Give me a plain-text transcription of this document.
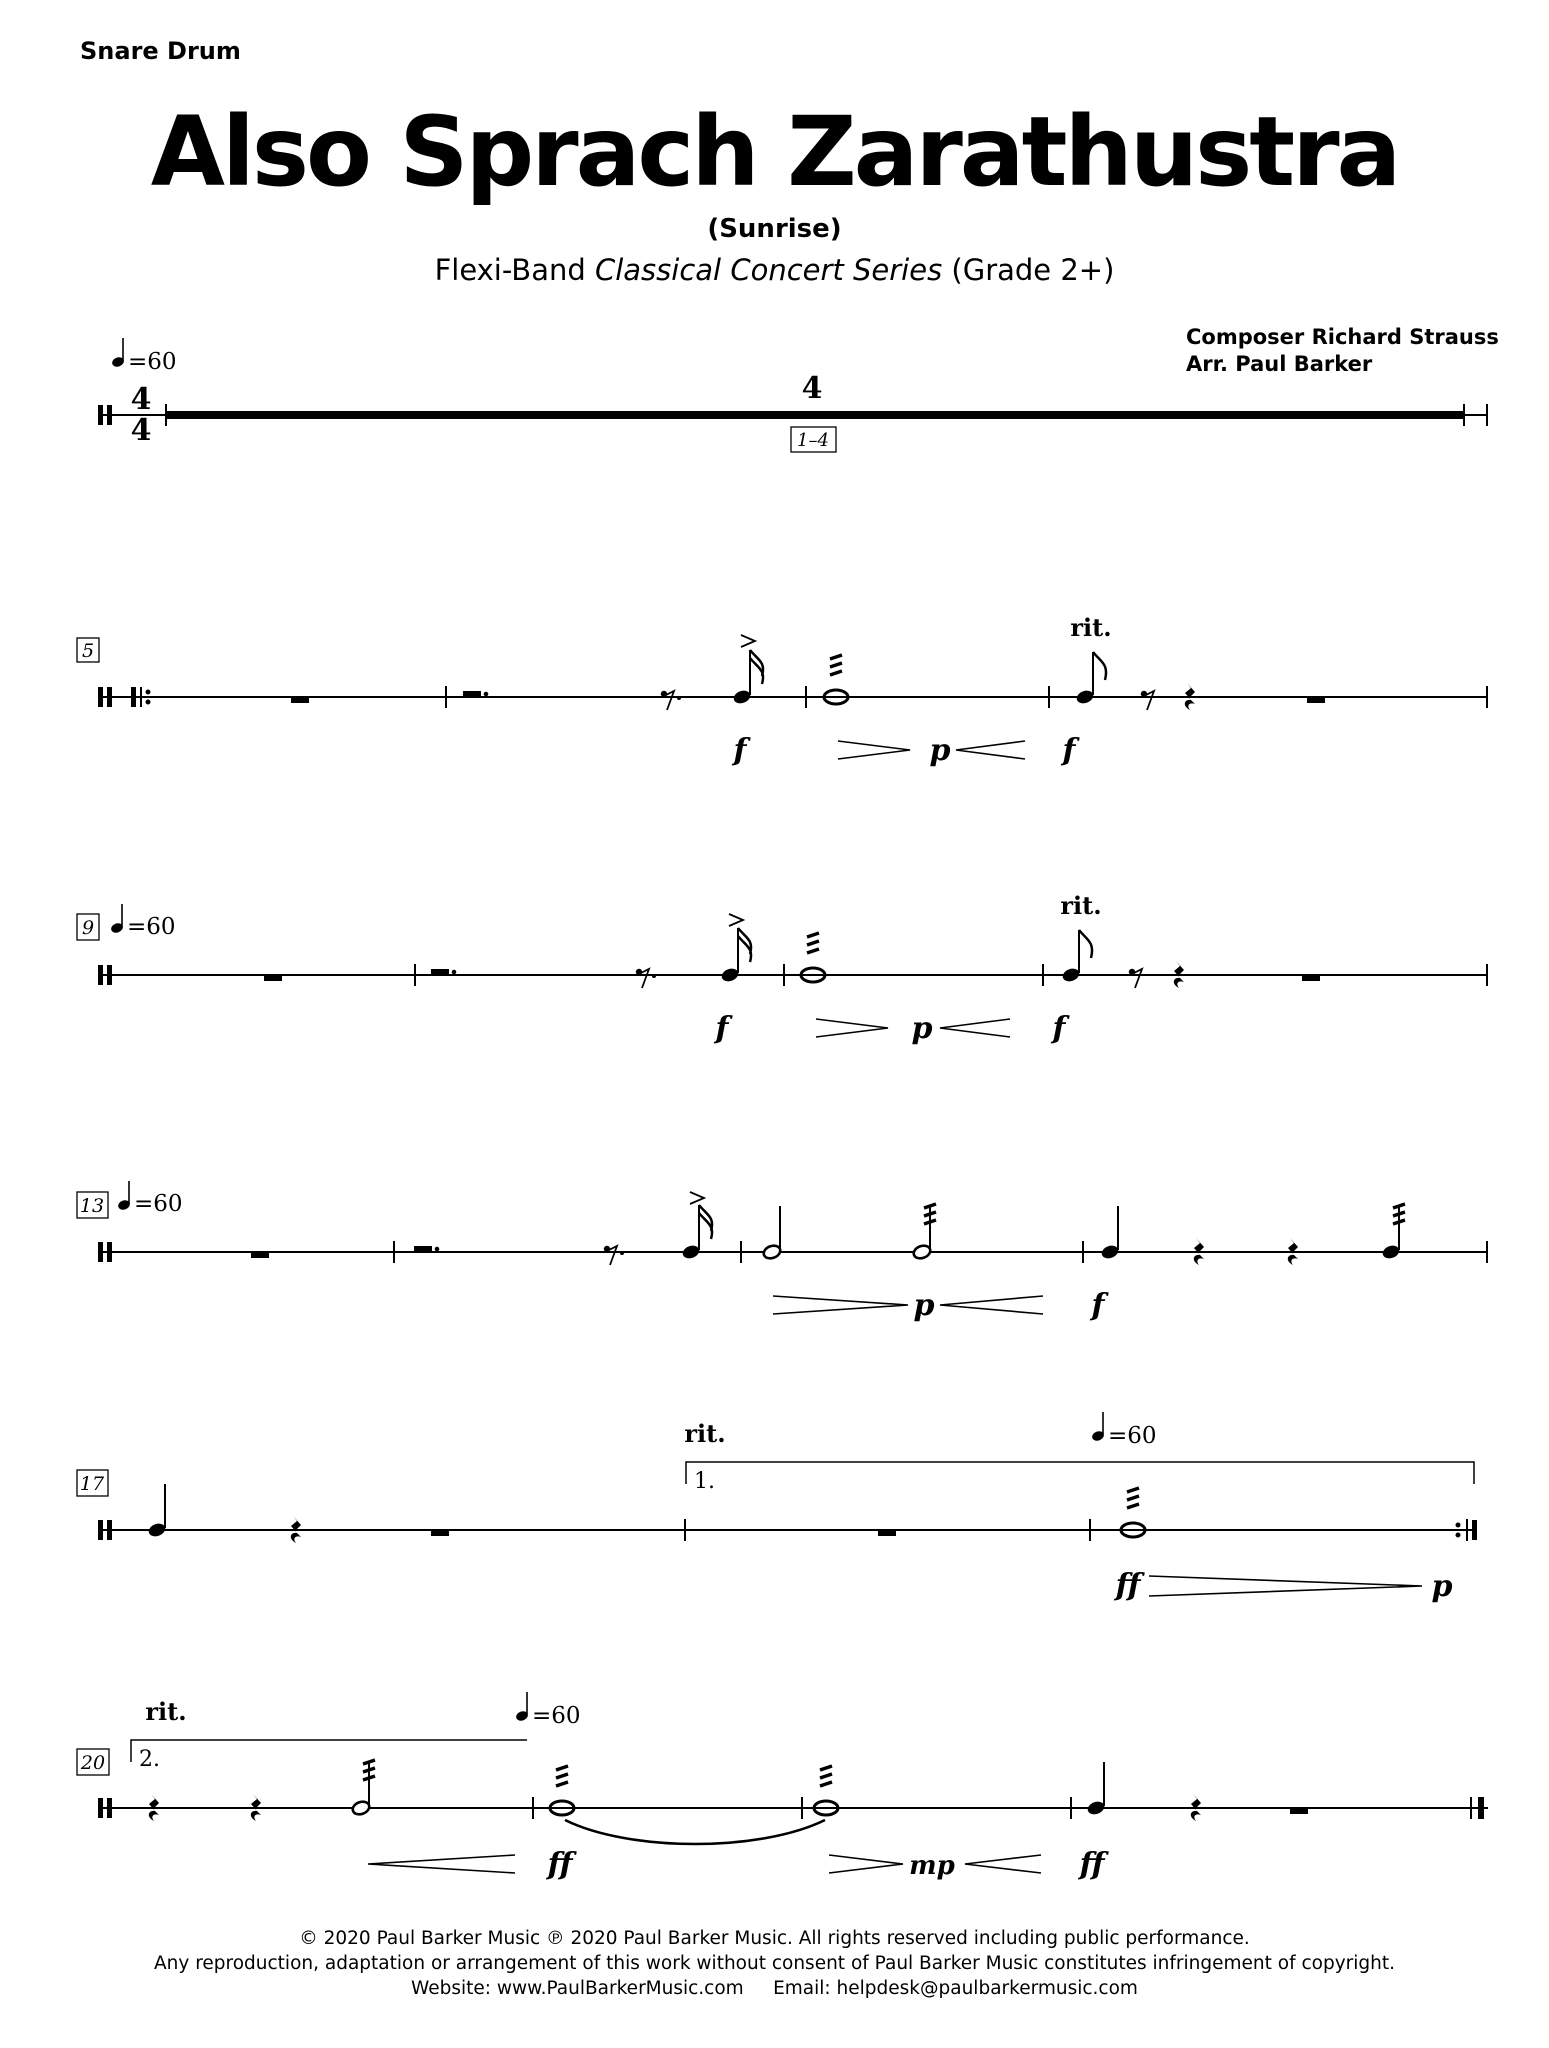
Snare Drum
Also Sprach Zarathustra
(Sunrise)
Flexi-Band Classical Concert Series (Grade 2+)
Composer Richard Strauss
Arr. Paul Barker
4
4
=60
4
1–4
5
rit.
f	p	f
9 =60
rit.
f	p	f
13 =60
p	f
17
rit.
1.
=60
ff	p
rit.
20 2.
=60
ff	mp	ff
© 2020 Paul Barker Music ℗ 2020 Paul Barker Music. All rights reserved including public performance.
Any reproduction, adaptation or arrangement of this work without consent of Paul Barker Music constitutes infringement of copyright.
Website: www.PaulBarkerMusic.com     Email: helpdesk@paulbarkermusic.com
